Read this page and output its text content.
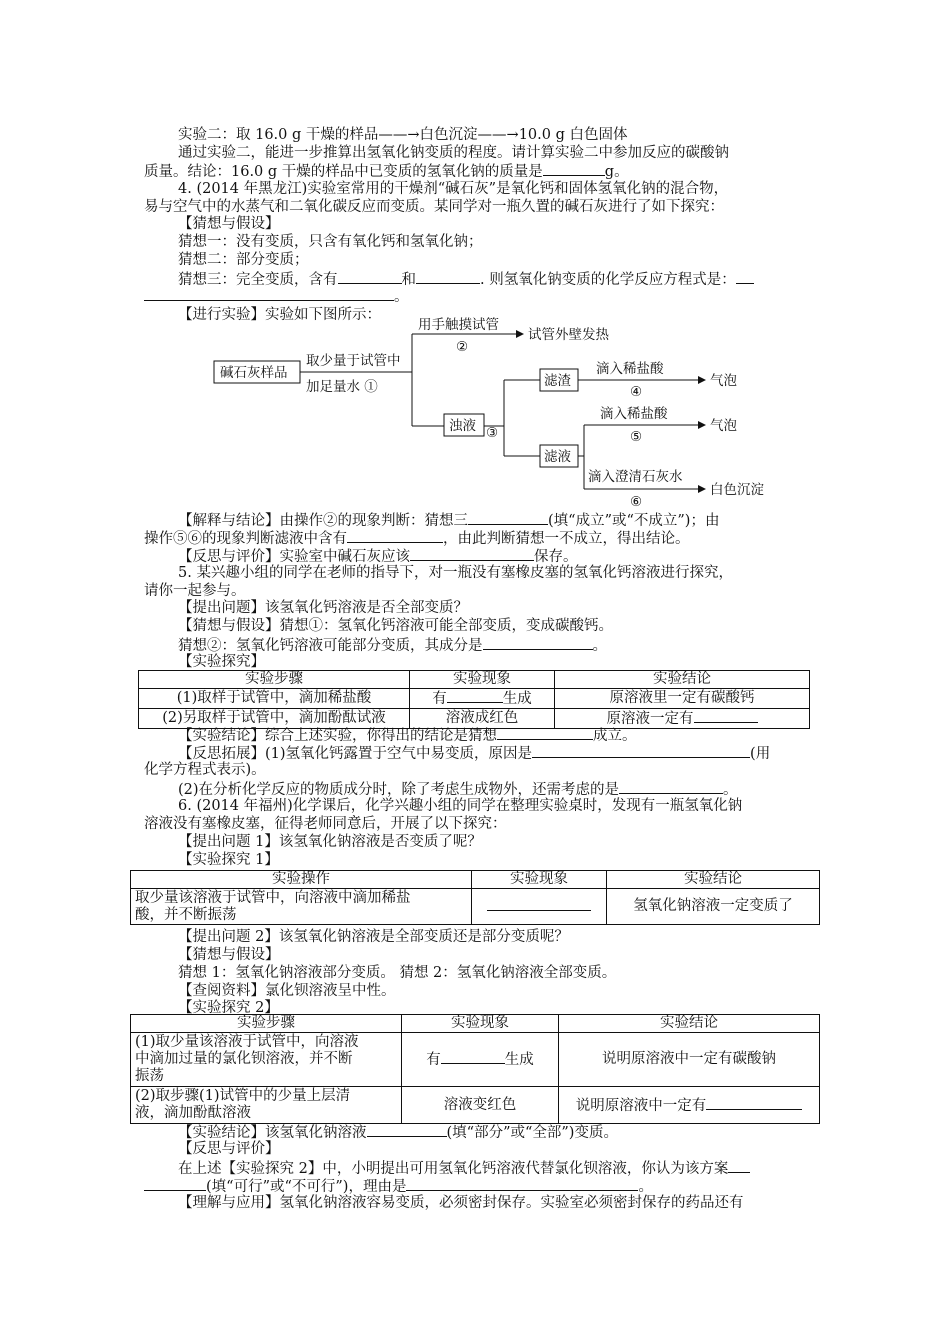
实验二：取 16.0 g 干燥的样品——→白色沉淀——→10.0 g 白色固体
通过实验二，能进一步推算出氢氧化钠变质的程度。请计算实验二中参加反应的碳酸钠
质量。结论：16.0 g 干燥的样品中已变质的氢氧化钠的质量是	g。
4. (2014 年黑龙江)实验室常用的干燥剂“碱石灰”是氧化钙和固体氢氧化钠的混合物，
易与空气中的水蒸气和二氧化碳反应而变质。某同学对一瓶久置的碱石灰进行了如下探究：
【猜想与假设】
猜想一：没有变质，只含有氧化钙和氢氧化钠；
猜想二：部分变质；
猜想三：完全变质，含有	和	. 则氢氧化钠变质的化学反应方程式是：
。
【进行实验】实验如下图所示：
碱石灰样品
取少量于试管中
加足量水 ①
用手触摸试管
②
试管外壁发热
浊液 ③
滤渣
滴入稀盐酸
④
气泡
滤液
滴入稀盐酸
⑤
气泡
滴入澄清石灰水
⑥
白色沉淀
【解释与结论】由操作②的现象判断：猜想三	(填“成立”或“不成立”)；由
操作⑤⑥的现象判断滤液中含有	，由此判断猜想一不成立，得出结论。
【反思与评价】实验室中碱石灰应该	保存。
5. 某兴趣小组的同学在老师的指导下，对一瓶没有塞橡皮塞的氢氧化钙溶液进行探究，
请你一起参与。
【提出问题】该氢氧化钙溶液是否全部变质？
【猜想与假设】猜想①：氢氧化钙溶液可能全部变质，变成碳酸钙。
猜想②：氢氧化钙溶液可能部分变质，其成分是	。
【实验探究】
实验步骤	实验现象	实验结论
(1)取样于试管中，滴加稀盐酸	有 生成	原溶液里一定有碳酸钙
(2)另取样于试管中，滴加酚酞试液	溶液成红色	原溶液一定有
【实验结论】综合上述实验，你得出的结论是猜想	成立。
【反思拓展】(1)氢氧化钙露置于空气中易变质，原因是	(用
化学方程式表示)。
(2)在分析化学反应的物质成分时，除了考虑生成物外，还需考虑的是	。
6. (2014 年福州)化学课后，化学兴趣小组的同学在整理实验桌时，发现有一瓶氢氧化钠
溶液没有塞橡皮塞，征得老师同意后，开展了以下探究：
【提出问题 1】该氢氧化钠溶液是否变质了呢？
【实验探究 1】
实验操作	实验现象	实验结论
取少量该溶液于试管中，向溶液中滴加稀盐
酸，并不断振荡		氢氧化钠溶液一定变质了
【提出问题 2】该氢氧化钠溶液是全部变质还是部分变质呢？
【猜想与假设】
猜想 1：氢氧化钠溶液部分变质。 猜想 2：氢氧化钠溶液全部变质。
【查阅资料】氯化钡溶液呈中性。
【实验探究 2】
实验步骤	实验现象	实验结论
(1)取少量该溶液于试管中，向溶液
中滴加过量的氯化钡溶液，并不断
振荡	有 生成	说明原溶液中一定有碳酸钠
(2)取步骤(1)试管中的少量上层清
液，滴加酚酞溶液	溶液变红色	说明原溶液中一定有
【实验结论】该氢氧化钠溶液	(填“部分”或“全部”)变质。
【反思与评价】
在上述【实验探究 2】中，小明提出可用氢氧化钙溶液代替氯化钡溶液，你认为该方案
(填“可行”或“不可行”)，理由是	。
【理解与应用】氢氧化钠溶液容易变质，必须密封保存。实验室必须密封保存的药品还有
